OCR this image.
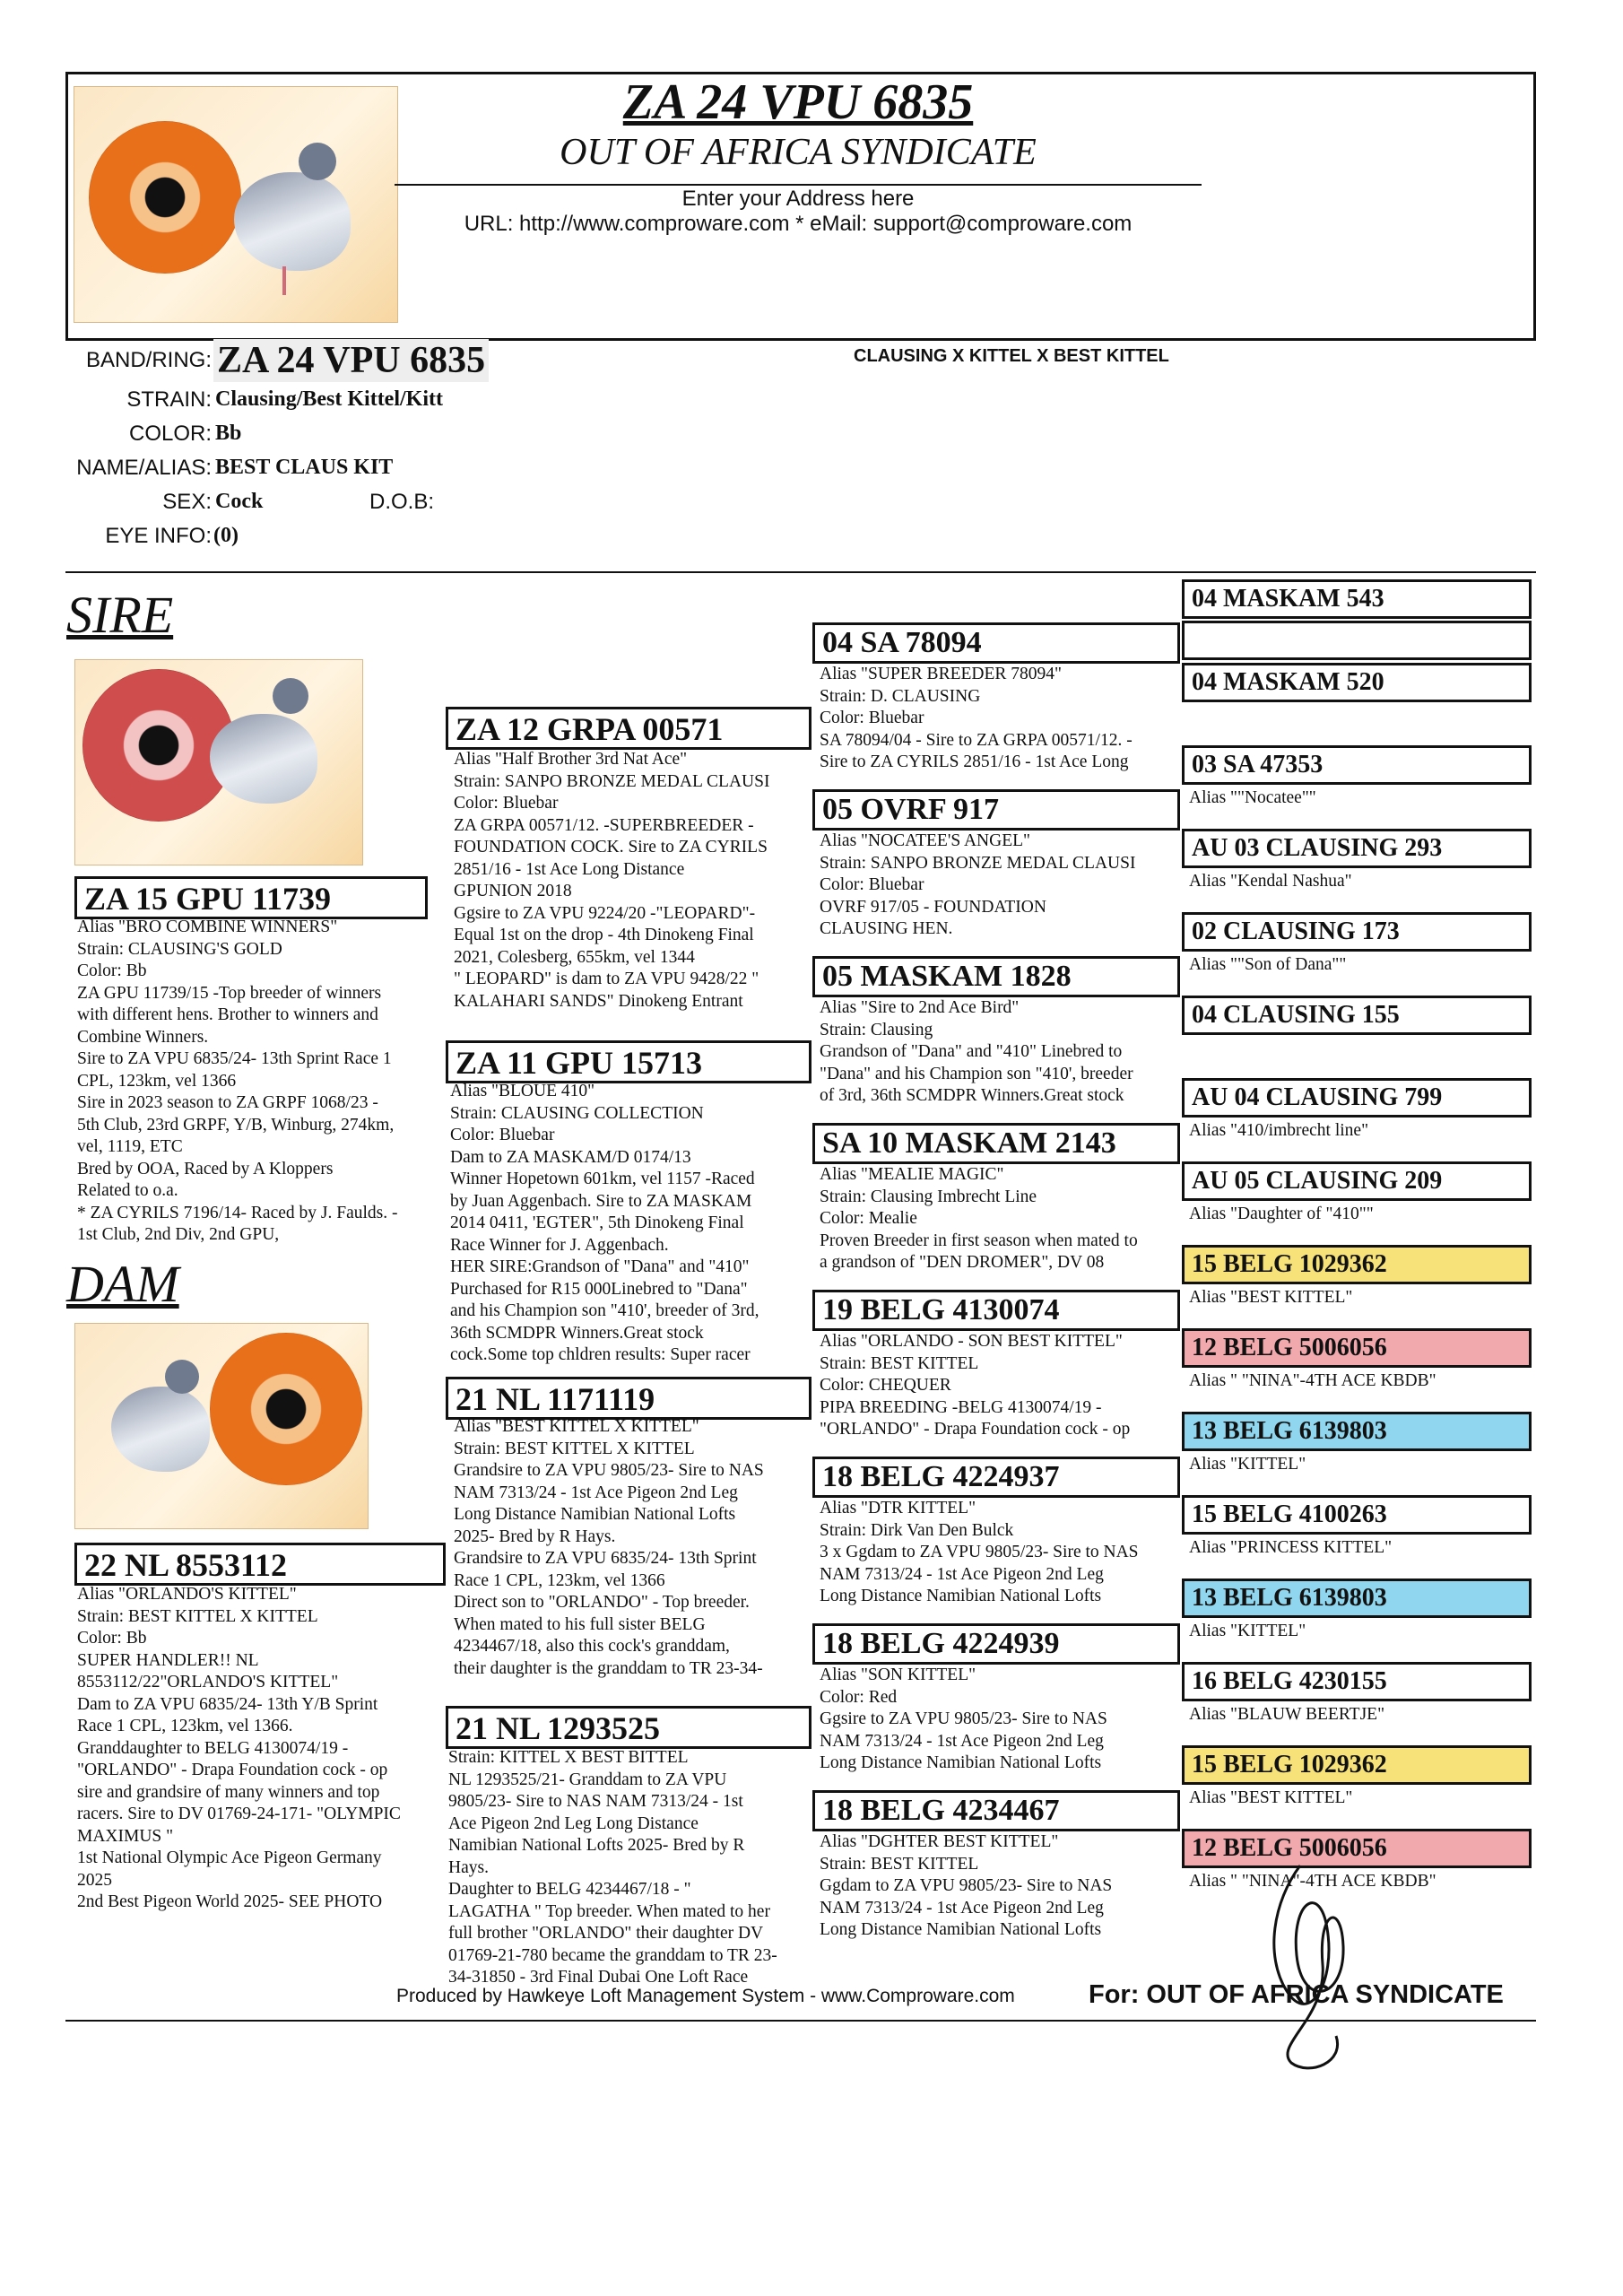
ZA 24 VPU 6835
OUT OF AFRICA SYNDICATE
Enter your Address here
URL: http://www.comproware.com * eMail: support@comproware.com
BAND/RING: ZA 24 VPU 6835	CLAUSING X KITTEL X BEST KITTEL
STRAIN: Clausing/Best Kittel/Kitt
COLOR: Bb
NAME/ALIAS: BEST CLAUS KIT
SEX: Cock	D.O.B:
EYE INFO: (0)
SIRE
ZA 15 GPU 11739
Alias "BRO COMBINE WINNERS"
Strain: CLAUSING'S GOLD
Color: Bb
ZA GPU 11739/15 -Top breeder of winners
with different hens. Brother to winners and
Combine Winners.
Sire to ZA VPU 6835/24- 13th Sprint Race 1
CPL, 123km, vel 1366
Sire in 2023 season to ZA GRPF 1068/23 -
5th Club, 23rd GRPF, Y/B, Winburg, 274km,
vel, 1119, ETC
Bred by OOA, Raced by A Kloppers
Related to o.a.
* ZA CYRILS 7196/14- Raced by J. Faulds. -
1st Club, 2nd Div, 2nd GPU,
DAM
22 NL 8553112
Alias "ORLANDO'S KITTEL"
Strain: BEST KITTEL X KITTEL
Color: Bb
SUPER HANDLER!! NL
8553112/22"ORLANDO'S KITTEL"
Dam to ZA VPU 6835/24- 13th Y/B Sprint
Race 1 CPL, 123km, vel 1366.
Granddaughter to BELG 4130074/19 -
"ORLANDO" - Drapa Foundation cock - op
sire and grandsire of many winners and top
racers. Sire to DV 01769-24-171- "OLYMPIC
MAXIMUS "
1st National Olympic Ace Pigeon Germany
2025
2nd Best Pigeon World 2025- SEE PHOTO
ZA 12 GRPA 00571
Alias "Half Brother 3rd Nat Ace"
Strain: SANPO BRONZE MEDAL CLAUSI
Color: Bluebar
ZA GRPA 00571/12. -SUPERBREEDER -
FOUNDATION COCK. Sire to ZA CYRILS
2851/16 - 1st Ace Long Distance
GPUNION 2018
Ggsire to ZA VPU 9224/20 -"LEOPARD"-
Equal 1st on the drop - 4th Dinokeng Final
2021, Colesberg, 655km, vel 1344
" LEOPARD" is dam to ZA VPU 9428/22 "
KALAHARI SANDS" Dinokeng Entrant
ZA 11 GPU 15713
Alias "BLOUE 410"
Strain: CLAUSING COLLECTION
Color: Bluebar
Dam to ZA MASKAM/D 0174/13
Winner Hopetown 601km, vel 1157 -Raced
by Juan Aggenbach. Sire to ZA MASKAM
2014 0411, 'EGTER", 5th Dinokeng Final
Race Winner for J. Aggenbach.
HER SIRE:Grandson of "Dana" and "410"
Purchased for R15 000Linebred to "Dana"
and his Champion son "410', breeder of 3rd,
36th SCMDPR Winners.Great stock
cock.Some top chldren results: Super racer
21 NL 1171119
Alias "BEST KITTEL X KITTEL"
Strain: BEST KITTEL X KITTEL
Grandsire to ZA VPU 9805/23- Sire to NAS
NAM 7313/24 - 1st Ace Pigeon 2nd Leg
Long Distance Namibian National Lofts
2025- Bred by R Hays.
Grandsire to ZA VPU 6835/24- 13th Sprint
Race 1 CPL, 123km, vel 1366
Direct son to "ORLANDO" - Top breeder.
When mated to his full sister BELG
4234467/18, also this cock's granddam,
their daughter is the granddam to TR 23-34-
21 NL 1293525
Strain: KITTEL X BEST BITTEL
NL 1293525/21- Granddam to ZA VPU
9805/23- Sire to NAS NAM 7313/24 - 1st
Ace Pigeon 2nd Leg Long Distance
Namibian National Lofts 2025- Bred by R
Hays.
Daughter to BELG 4234467/18 - "
LAGATHA " Top breeder. When mated to her
full brother "ORLANDO" their daughter DV
01769-21-780 became the granddam to TR 23-
34-31850 - 3rd Final Dubai One Loft Race
04 SA 78094
Alias "SUPER BREEDER 78094"
Strain: D. CLAUSING
Color: Bluebar
SA 78094/04 - Sire to ZA GRPA 00571/12. -
Sire to ZA CYRILS 2851/16 - 1st Ace Long
05 OVRF 917
Alias "NOCATEE'S ANGEL"
Strain: SANPO BRONZE MEDAL CLAUSI
Color: Bluebar
OVRF 917/05 - FOUNDATION
CLAUSING HEN.
05 MASKAM 1828
Alias "Sire to 2nd Ace Bird"
Strain: Clausing
Grandson of "Dana" and "410" Linebred to
"Dana" and his Champion son "410', breeder
of 3rd, 36th SCMDPR Winners.Great stock
SA 10 MASKAM 2143
Alias "MEALIE MAGIC"
Strain: Clausing Imbrecht Line
Color: Mealie
Proven Breeder in first season when mated to
a grandson of "DEN DROMER", DV 08
19 BELG 4130074
Alias "ORLANDO - SON BEST KITTEL"
Strain: BEST KITTEL
Color: CHEQUER
PIPA BREEDING -BELG 4130074/19 -
"ORLANDO" - Drapa Foundation cock - op
18 BELG 4224937
Alias "DTR KITTEL"
Strain: Dirk Van Den Bulck
3 x Ggdam to ZA VPU 9805/23- Sire to NAS
NAM 7313/24 - 1st Ace Pigeon 2nd Leg
Long Distance Namibian National Lofts
18 BELG 4224939
Alias "SON KITTEL"
Color: Red
Ggsire to ZA VPU 9805/23- Sire to NAS
NAM 7313/24 - 1st Ace Pigeon 2nd Leg
Long Distance Namibian National Lofts
18 BELG 4234467
Alias "DGHTER BEST KITTEL"
Strain: BEST KITTEL
Ggdam to ZA VPU 9805/23- Sire to NAS
NAM 7313/24 - 1st Ace Pigeon 2nd Leg
Long Distance Namibian National Lofts
04 MASKAM 543
04 MASKAM 520
03 SA 47353
Alias ""Nocatee""
AU 03 CLAUSING 293
Alias "Kendal Nashua"
02 CLAUSING 173
Alias ""Son of Dana""
04 CLAUSING 155
AU 04 CLAUSING 799
Alias "410/imbrecht line"
AU 05 CLAUSING 209
Alias "Daughter of "410""
15 BELG 1029362
Alias "BEST KITTEL"
12 BELG 5006056
Alias " "NINA"-4TH ACE KBDB"
13 BELG 6139803
Alias "KITTEL"
15 BELG 4100263
Alias "PRINCESS KITTEL"
13 BELG 6139803
Alias "KITTEL"
16 BELG 4230155
Alias "BLAUW BEERTJE"
15 BELG 1029362
Alias "BEST KITTEL"
12 BELG 5006056
Alias " "NINA"-4TH ACE KBDB"
Produced by Hawkeye Loft Management System - www.Comproware.com	For: OUT OF AFRICA SYNDICATE
